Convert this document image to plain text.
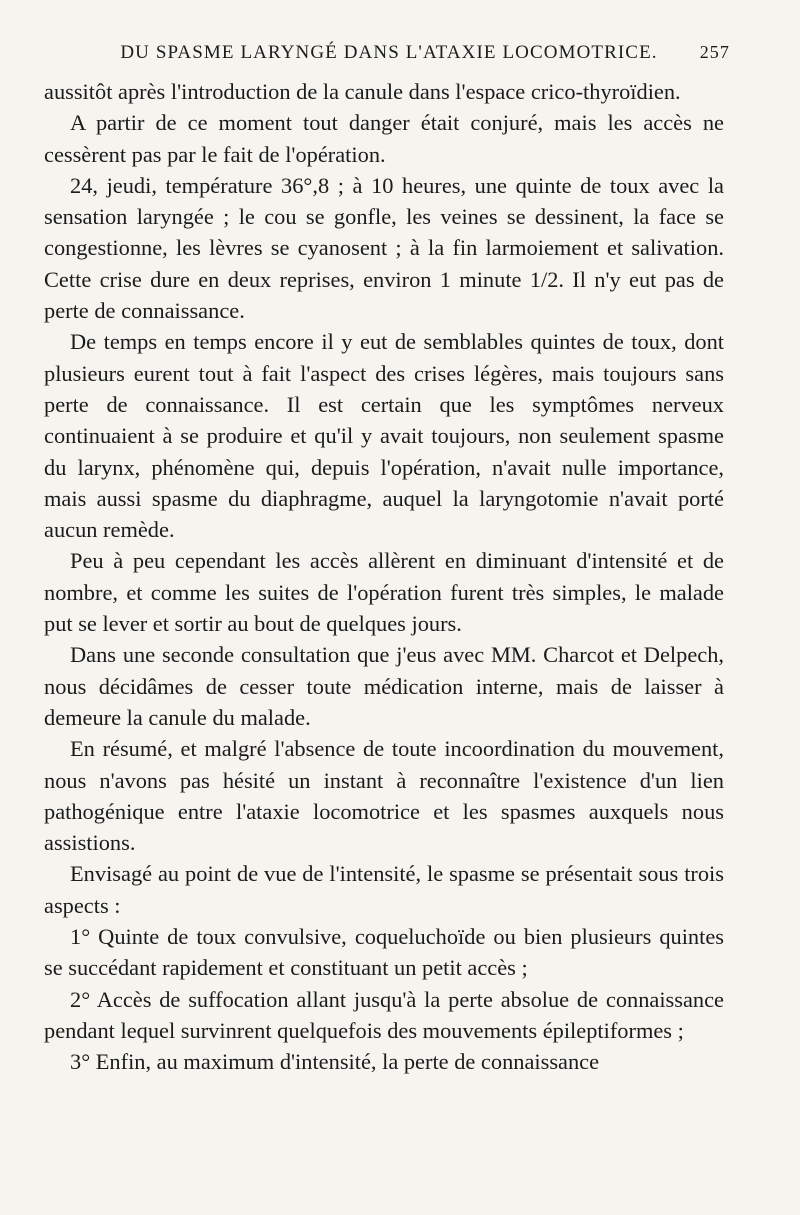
DU SPASME LARYNGÉ DANS L'ATAXIE LOCOMOTRICE. 257

aussitôt après l'introduction de la canule dans l'espace crico-thyroïdien.

A partir de ce moment tout danger était conjuré, mais les accès ne cessèrent pas par le fait de l'opération.

24, jeudi, température 36°,8 ; à 10 heures, une quinte de toux avec la sensation laryngée ; le cou se gonfle, les veines se dessinent, la face se congestionne, les lèvres se cyanosent ; à la fin larmoiement et salivation. Cette crise dure en deux reprises, environ 1 minute 1/2. Il n'y eut pas de perte de connaissance.

De temps en temps encore il y eut de semblables quintes de toux, dont plusieurs eurent tout à fait l'aspect des crises légères, mais toujours sans perte de connaissance. Il est certain que les symptômes nerveux continuaient à se produire et qu'il y avait toujours, non seulement spasme du larynx, phénomène qui, depuis l'opération, n'avait nulle importance, mais aussi spasme du diaphragme, auquel la laryngotomie n'avait porté aucun remède.

Peu à peu cependant les accès allèrent en diminuant d'intensité et de nombre, et comme les suites de l'opération furent très simples, le malade put se lever et sortir au bout de quelques jours.

Dans une seconde consultation que j'eus avec MM. Charcot et Delpech, nous décidâmes de cesser toute médication interne, mais de laisser à demeure la canule du malade.

En résumé, et malgré l'absence de toute incoordination du mouvement, nous n'avons pas hésité un instant à reconnaître l'existence d'un lien pathogénique entre l'ataxie locomotrice et les spasmes auxquels nous assistions.

Envisagé au point de vue de l'intensité, le spasme se présentait sous trois aspects :

1° Quinte de toux convulsive, coqueluchoïde ou bien plusieurs quintes se succédant rapidement et constituant un petit accès ;

2° Accès de suffocation allant jusqu'à la perte absolue de connaissance pendant lequel survinrent quelquefois des mouvements épileptiformes ;

3° Enfin, au maximum d'intensité, la perte de connaissance
